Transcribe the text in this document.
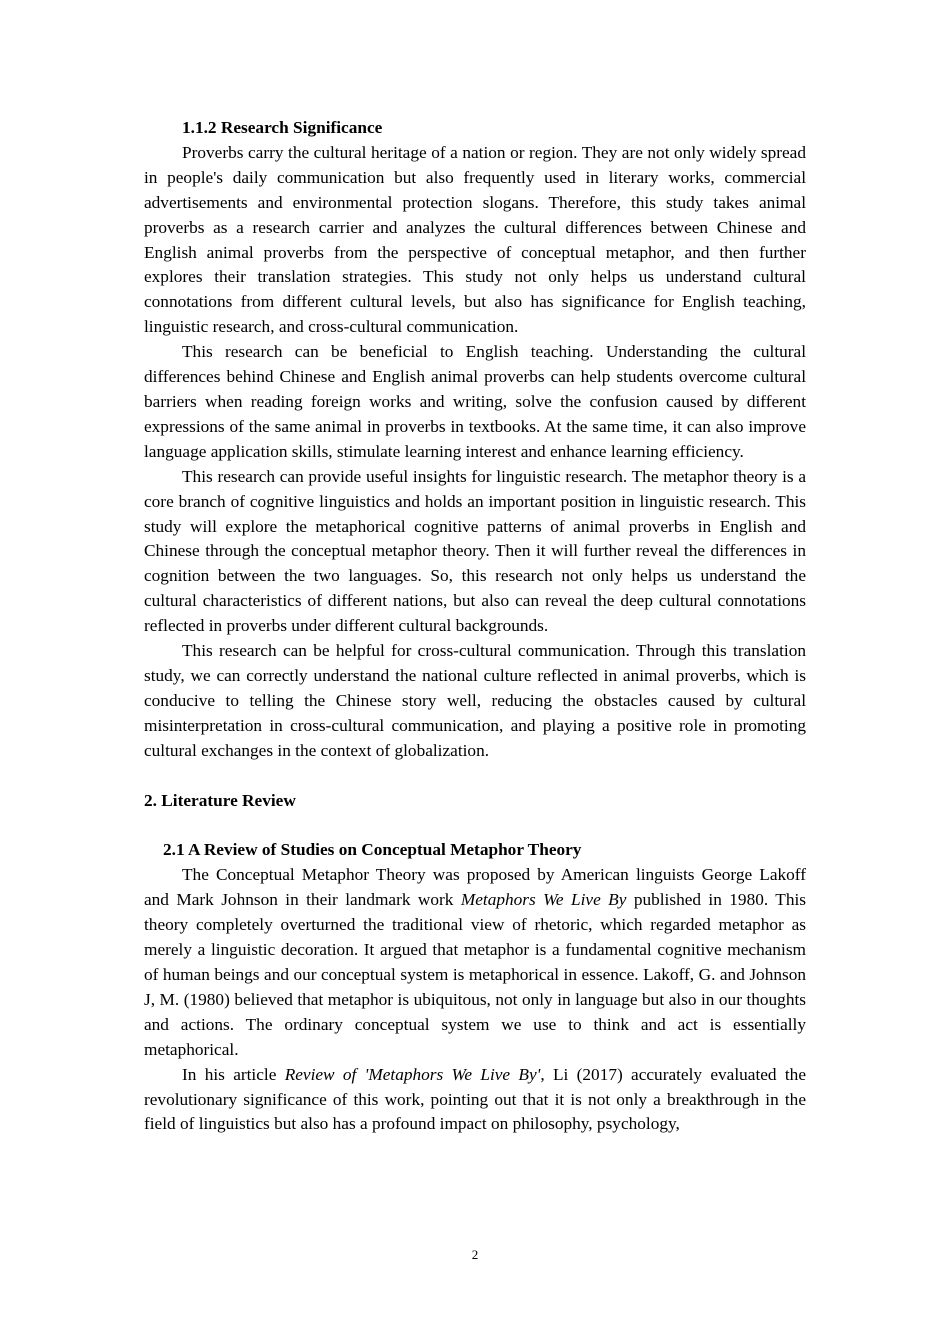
1.1.2 Research Significance

Proverbs carry the cultural heritage of a nation or region. They are not only widely spread in people's daily communication but also frequently used in literary works, commercial advertisements and environmental protection slogans. Therefore, this study takes animal proverbs as a research carrier and analyzes the cultural differences between Chinese and English animal proverbs from the perspective of conceptual metaphor, and then further explores their translation strategies. This study not only helps us understand cultural connotations from different cultural levels, but also has significance for English teaching, linguistic research, and cross-cultural communication.

This research can be beneficial to English teaching. Understanding the cultural differences behind Chinese and English animal proverbs can help students overcome cultural barriers when reading foreign works and writing, solve the confusion caused by different expressions of the same animal in proverbs in textbooks. At the same time, it can also improve language application skills, stimulate learning interest and enhance learning efficiency.

This research can provide useful insights for linguistic research. The metaphor theory is a core branch of cognitive linguistics and holds an important position in linguistic research. This study will explore the metaphorical cognitive patterns of animal proverbs in English and Chinese through the conceptual metaphor theory. Then it will further reveal the differences in cognition between the two languages. So, this research not only helps us understand the cultural characteristics of different nations, but also can reveal the deep cultural connotations reflected in proverbs under different cultural backgrounds.

This research can be helpful for cross-cultural communication. Through this translation study, we can correctly understand the national culture reflected in animal proverbs, which is conducive to telling the Chinese story well, reducing the obstacles caused by cultural misinterpretation in cross-cultural communication, and playing a positive role in promoting cultural exchanges in the context of globalization.

2. Literature Review

2.1 A Review of Studies on Conceptual Metaphor Theory

The Conceptual Metaphor Theory was proposed by American linguists George Lakoff and Mark Johnson in their landmark work Metaphors We Live By published in 1980. This theory completely overturned the traditional view of rhetoric, which regarded metaphor as merely a linguistic decoration. It argued that metaphor is a fundamental cognitive mechanism of human beings and our conceptual system is metaphorical in essence. Lakoff, G. and Johnson J, M. (1980) believed that metaphor is ubiquitous, not only in language but also in our thoughts and actions. The ordinary conceptual system we use to think and act is essentially metaphorical.

In his article Review of 'Metaphors We Live By', Li (2017) accurately evaluated the revolutionary significance of this work, pointing out that it is not only a breakthrough in the field of linguistics but also has a profound impact on philosophy, psychology,

2
